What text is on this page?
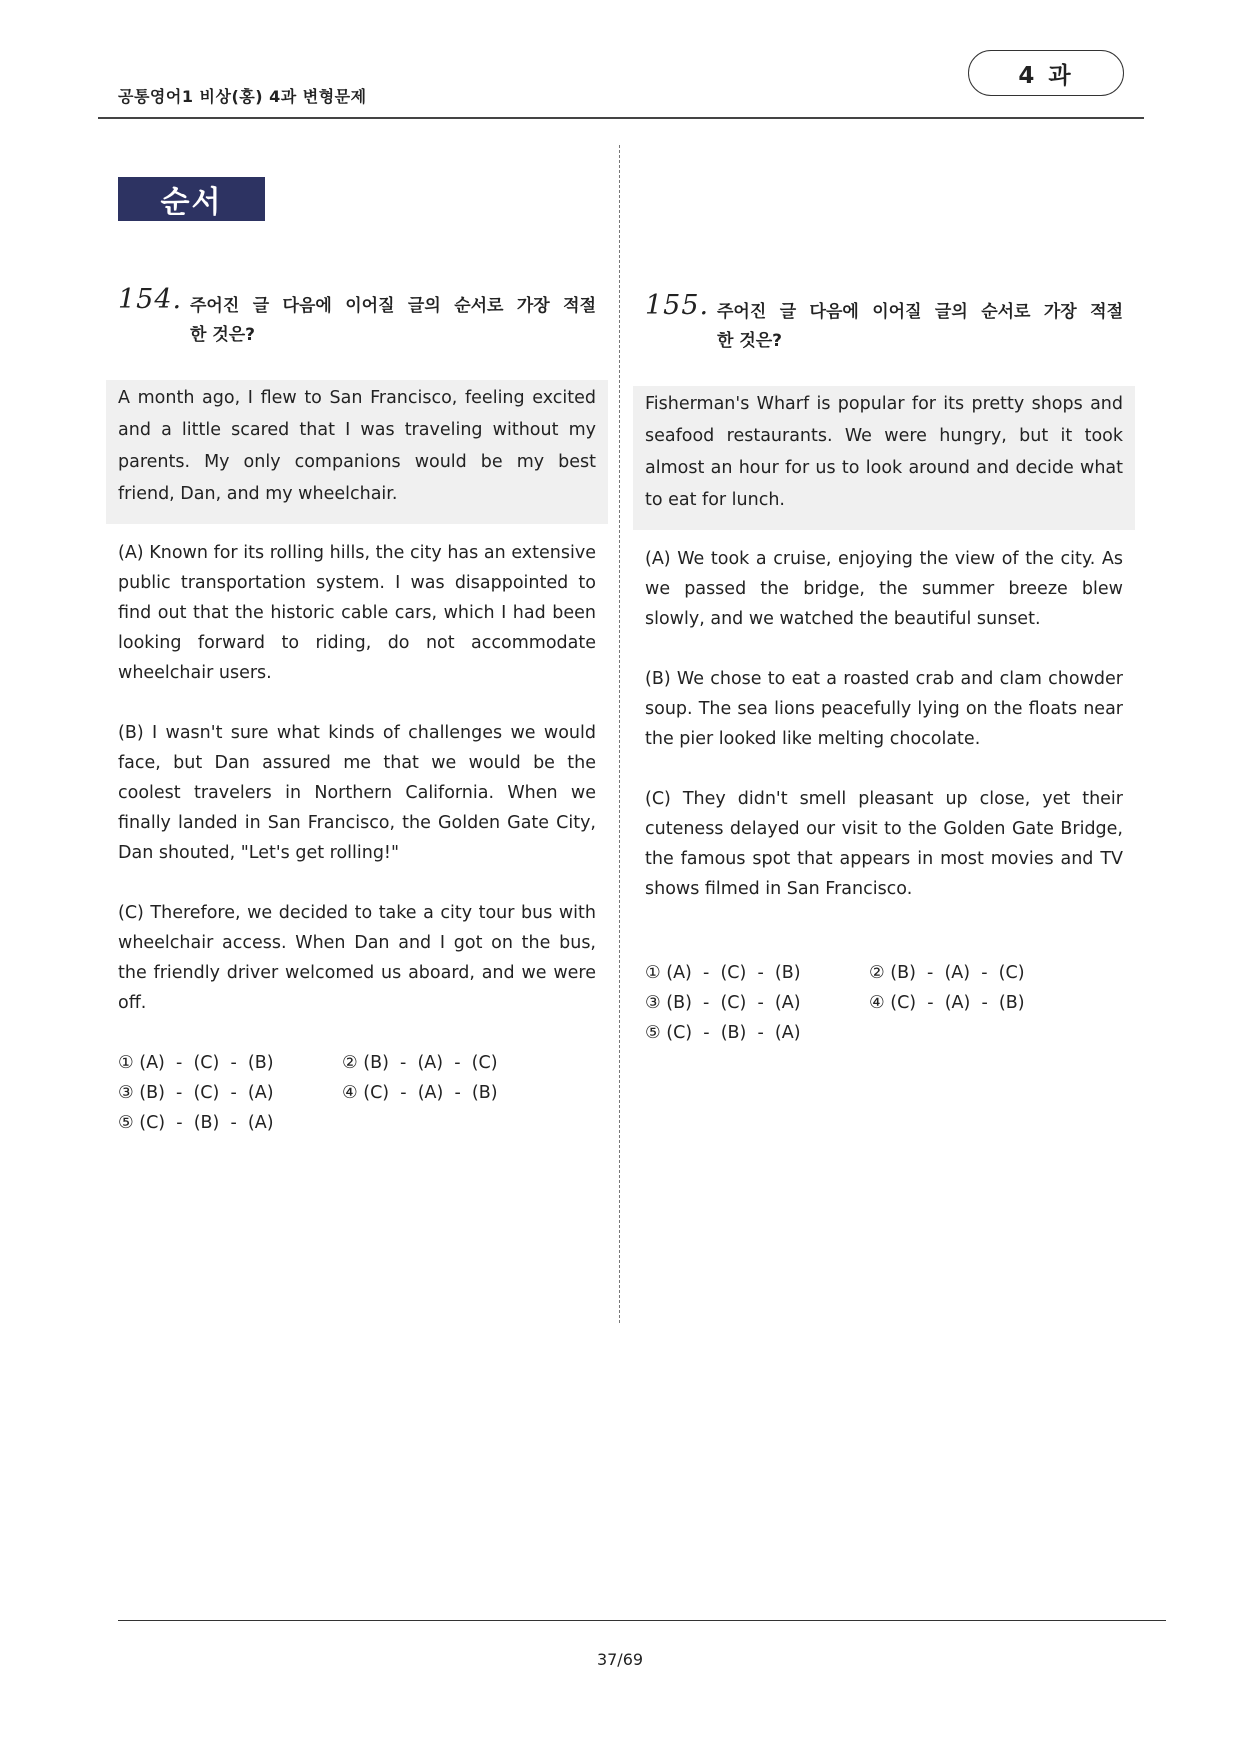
공통영어1 비상(홍) 4과 변형문제
4 과
순서
154. 주어진 글 다음에 이어질 글의 순서로 가장 적절
한 것은?
A month ago, I flew to San Francisco, feeling excited and a little scared that I was traveling without my parents. My only companions would be my best friend, Dan, and my wheelchair.
(A) Known for its rolling hills, the city has an extensive public transportation system. I was disappointed to find out that the historic cable cars, which I had been looking forward to riding, do not accommodate wheelchair users.
(B) I wasn't sure what kinds of challenges we would face, but Dan assured me that we would be the coolest travelers in Northern California. When we finally landed in San Francisco, the Golden Gate City, Dan shouted, "Let's get rolling!"
(C) Therefore, we decided to take a city tour bus with wheelchair access. When Dan and I got on the bus, the friendly driver welcomed us aboard, and we were off.
① (A)  -  (C)  -  (B)	② (B)  -  (A)  -  (C)
③ (B)  -  (C)  -  (A)	④ (C)  -  (A)  -  (B)
⑤ (C)  -  (B)  -  (A)
155. 주어진 글 다음에 이어질 글의 순서로 가장 적절
한 것은?
Fisherman's Wharf is popular for its pretty shops and seafood restaurants. We were hungry, but it took almost an hour for us to look around and decide what to eat for lunch.
(A) We took a cruise, enjoying the view of the city. As we passed the bridge, the summer breeze blew slowly, and we watched the beautiful sunset.
(B) We chose to eat a roasted crab and clam chowder soup. The sea lions peacefully lying on the floats near the pier looked like melting chocolate.
(C) They didn't smell pleasant up close, yet their cuteness delayed our visit to the Golden Gate Bridge, the famous spot that appears in most movies and TV shows filmed in San Francisco.
① (A)  -  (C)  -  (B)	② (B)  -  (A)  -  (C)
③ (B)  -  (C)  -  (A)	④ (C)  -  (A)  -  (B)
⑤ (C)  -  (B)  -  (A)
37/69
